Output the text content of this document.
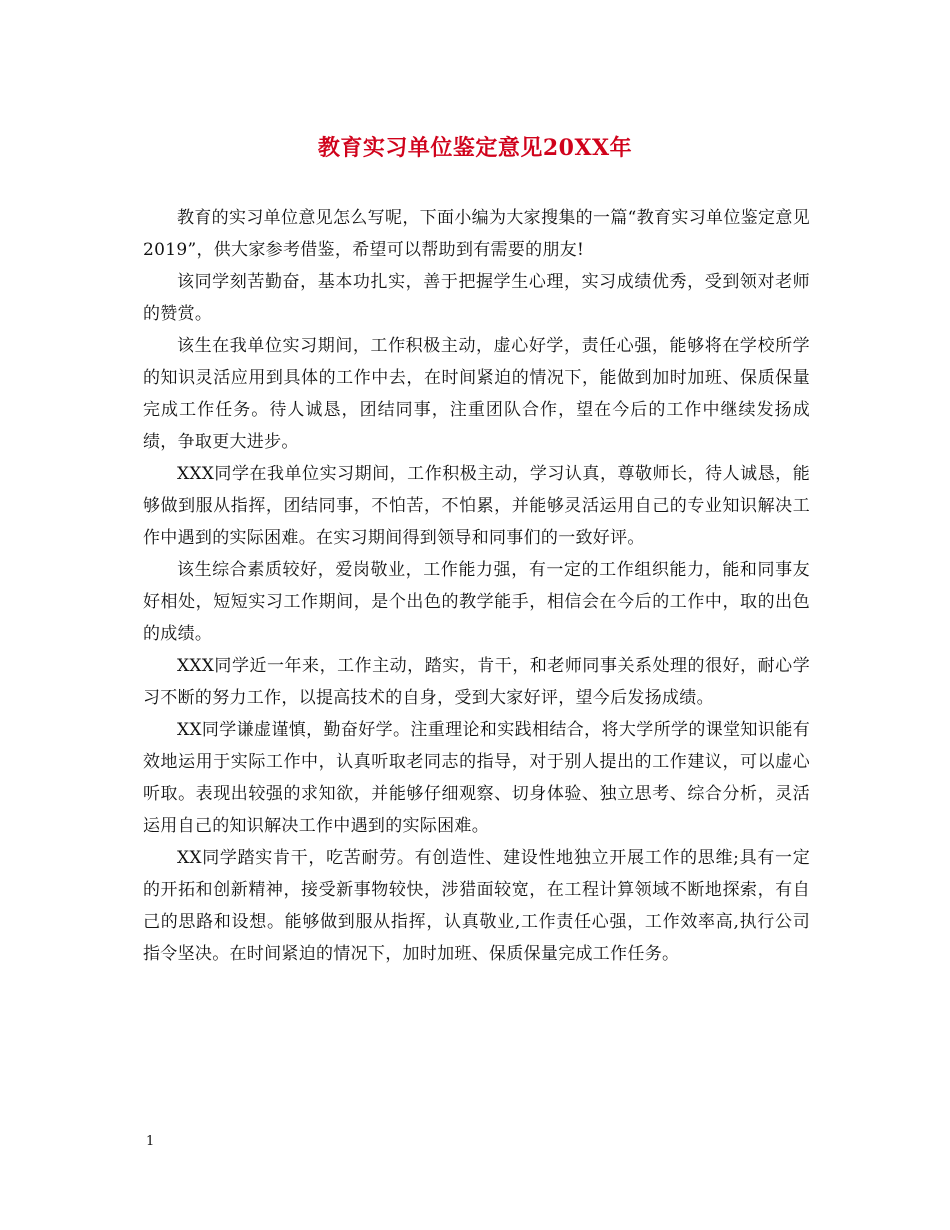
教育实习单位鉴定意见20XX年

教育的实习单位意见怎么写呢，下面小编为大家搜集的一篇“教育实习单位鉴定意见2019”，供大家参考借鉴，希望可以帮助到有需要的朋友!

该同学刻苦勤奋，基本功扎实，善于把握学生心理，实习成绩优秀，受到领对老师的赞赏。

该生在我单位实习期间，工作积极主动，虚心好学，责任心强，能够将在学校所学的知识灵活应用到具体的工作中去，在时间紧迫的情况下，能做到加时加班、保质保量完成工作任务。待人诚恳，团结同事，注重团队合作，望在今后的工作中继续发扬成绩，争取更大进步。

XXX同学在我单位实习期间，工作积极主动，学习认真，尊敬师长，待人诚恳，能够做到服从指挥，团结同事，不怕苦，不怕累，并能够灵活运用自己的专业知识解决工作中遇到的实际困难。在实习期间得到领导和同事们的一致好评。

该生综合素质较好，爱岗敬业，工作能力强，有一定的工作组织能力，能和同事友好相处，短短实习工作期间，是个出色的教学能手，相信会在今后的工作中，取的出色的成绩。

XXX同学近一年来，工作主动，踏实，肯干，和老师同事关系处理的很好，耐心学习不断的努力工作，以提高技术的自身，受到大家好评，望今后发扬成绩。

XX同学谦虚谨慎，勤奋好学。注重理论和实践相结合，将大学所学的课堂知识能有效地运用于实际工作中，认真听取老同志的指导，对于别人提出的工作建议，可以虚心听取。表现出较强的求知欲，并能够仔细观察、切身体验、独立思考、综合分析，灵活运用自己的知识解决工作中遇到的实际困难。

XX同学踏实肯干，吃苦耐劳。有创造性、建设性地独立开展工作的思维;具有一定的开拓和创新精神，接受新事物较快，涉猎面较宽，在工程计算领域不断地探索，有自己的思路和设想。能够做到服从指挥，认真敬业,工作责任心强，工作效率高,执行公司指令坚决。在时间紧迫的情况下，加时加班、保质保量完成工作任务。

1
